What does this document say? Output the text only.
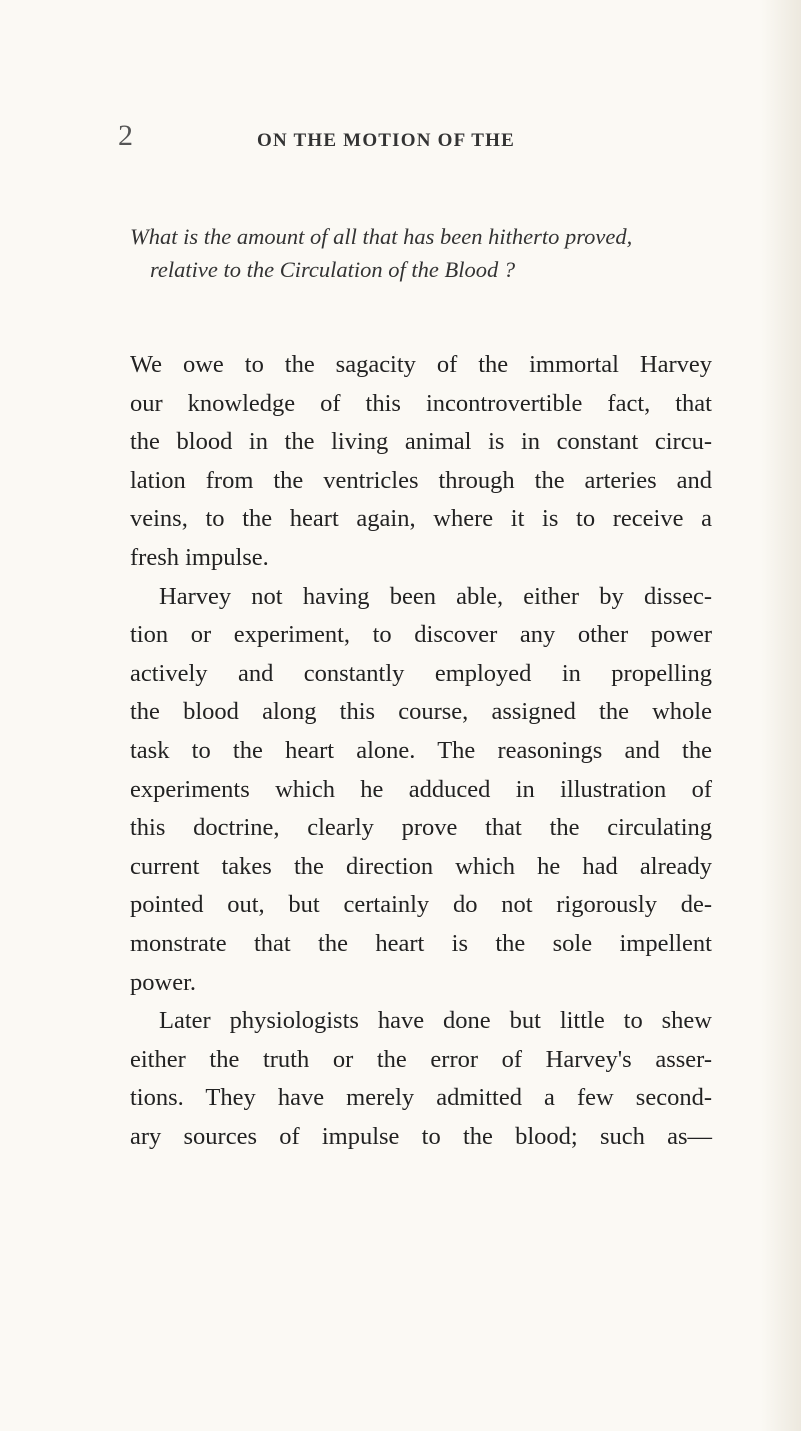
2	ON THE MOTION OF THE
What is the amount of all that has been hitherto proved,
relative to the Circulation of the Blood ?
We owe to the sagacity of the immortal Harvey
our knowledge of this incontrovertible fact, that
the blood in the living animal is in constant circu-
lation from the ventricles through the arteries and
veins, to the heart again, where it is to receive a
fresh impulse.
Harvey not having been able, either by dissec-
tion or experiment, to discover any other power
actively and constantly employed in propelling
the blood along this course, assigned the whole
task to the heart alone. The reasonings and the
experiments which he adduced in illustration of
this doctrine, clearly prove that the circulating
current takes the direction which he had already
pointed out, but certainly do not rigorously de-
monstrate that the heart is the sole impellent
power.
Later physiologists have done but little to shew
either the truth or the error of Harvey's asser-
tions. They have merely admitted a few second-
ary sources of impulse to the blood; such as—
